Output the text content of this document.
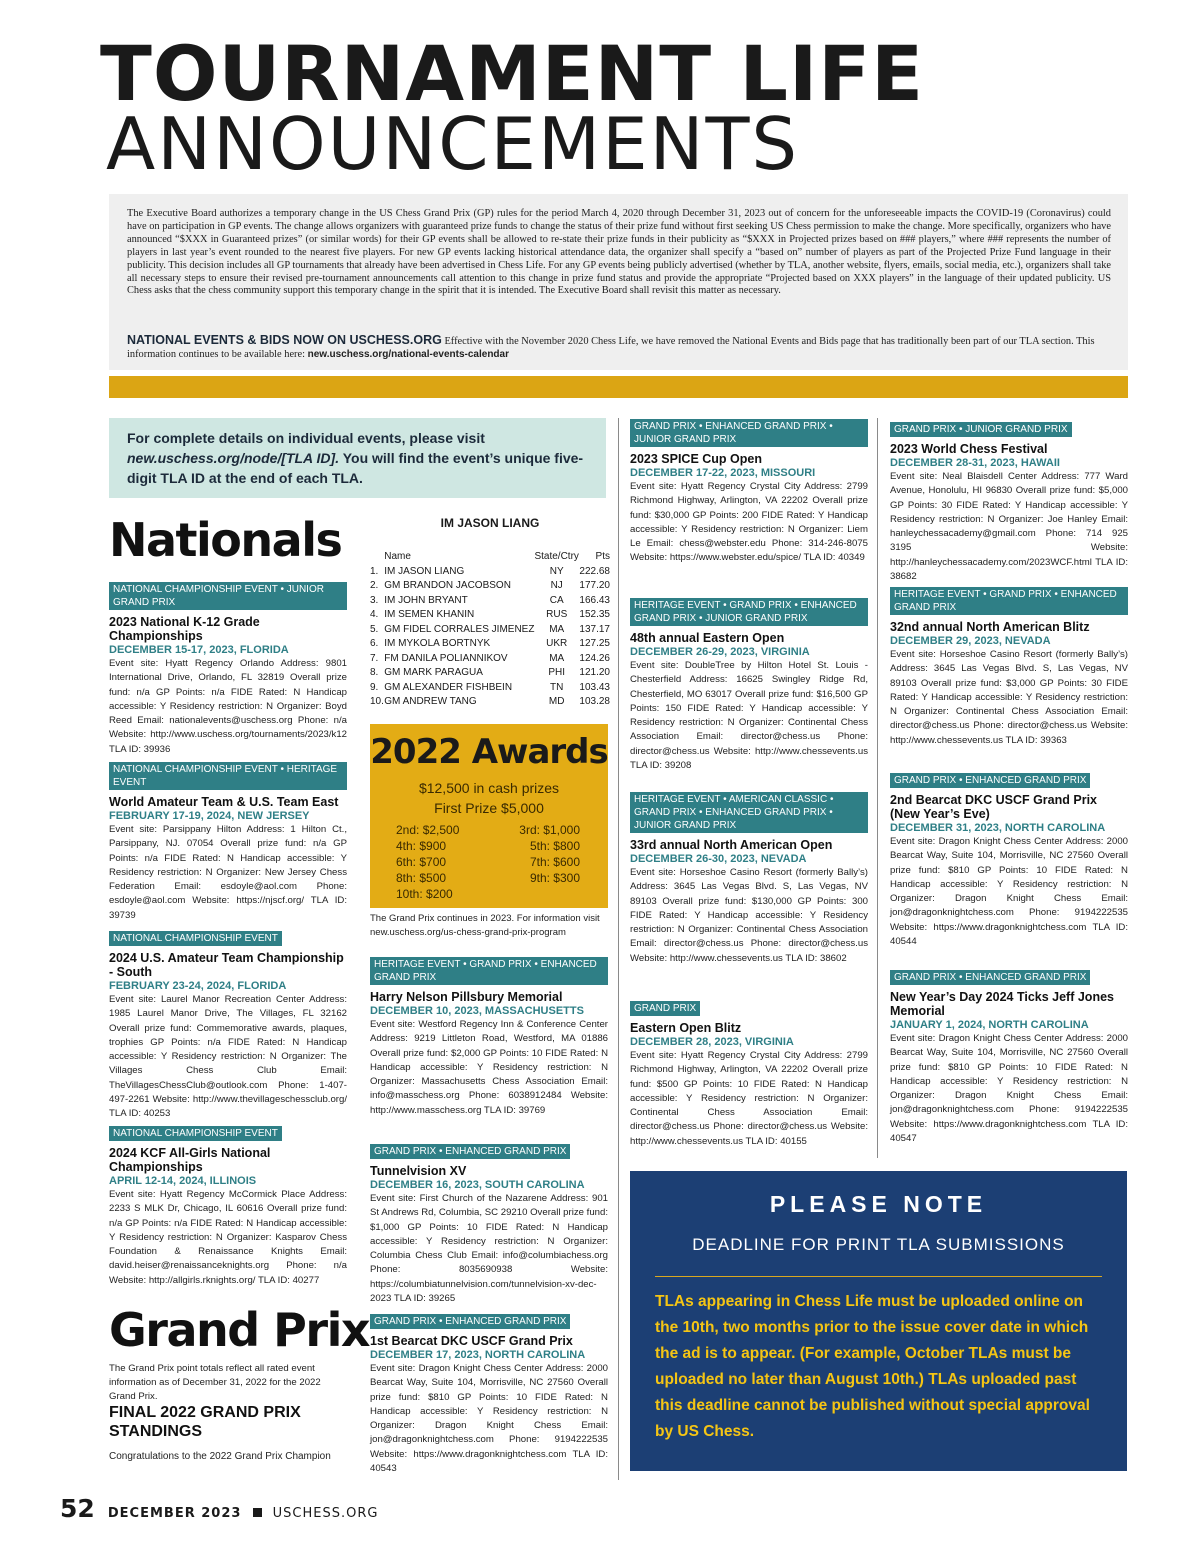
TOURNAMENT LIFE
ANNOUNCEMENTS
The Executive Board authorizes a temporary change in the US Chess Grand Prix (GP) rules for the period March 4, 2020 through December 31, 2023 out of concern for the unforeseeable impacts the COVID-19 (Coronavirus) could have on participation in GP events. The change allows organizers with guaranteed prize funds to change the status of their prize fund without first seeking US Chess permission to make the change. More specifically, organizers who have announced “$XXX in Guaranteed prizes” (or similar words) for their GP events shall be allowed to re-state their prize funds in their publicity as “$XXX in Projected prizes based on ### players,” where ### represents the number of players in last year’s event rounded to the nearest five players. For new GP events lacking historical attendance data, the organizer shall specify a “based on” number of players as part of the Projected Prize Fund language in their publicity. This decision includes all GP tournaments that already have been advertised in Chess Life. For any GP events being publicly advertised (whether by TLA, another website, flyers, emails, social media, etc.), organizers shall take all necessary steps to ensure their revised pre-tournament announcements call attention to this change in prize fund status and provide the appropriate “Projected based on XXX players” in the language of their updated publicity. US Chess asks that the chess community support this temporary change in the spirit that it is intended. The Executive Board shall revisit this matter as necessary.
NATIONAL EVENTS & BIDS NOW ON USCHESS.ORG Effective with the November 2020 Chess Life, we have removed the National Events and Bids page that has traditionally been part of our TLA section. This information continues to be available here: new.uschess.org/national-events-calendar
For complete details on individual events, please visit new.uschess.org/node/[TLA ID]. You will find the event’s unique five-digit TLA ID at the end of each TLA.
Nationals
NATIONAL CHAMPIONSHIP EVENT • JUNIOR GRAND PRIX
2023 National K-12 Grade Championships
DECEMBER 15-17, 2023, FLORIDA
Event site: Hyatt Regency Orlando Address: 9801 International Drive, Orlando, FL 32819 Overall prize fund: n/a GP Points: n/a FIDE Rated: N Handicap accessible: Y Residency restriction: N Organizer: Boyd Reed Email: nationalevents@uschess.org Phone: n/a Website: http://www.uschess.org/tournaments/2023/k12 TLA ID: 39936
NATIONAL CHAMPIONSHIP EVENT • HERITAGE EVENT
World Amateur Team & U.S. Team East
FEBRUARY 17-19, 2024, NEW JERSEY
Event site: Parsippany Hilton Address: 1 Hilton Ct., Parsippany, NJ. 07054 Overall prize fund: n/a GP Points: n/a FIDE Rated: N Handicap accessible: Y Residency restriction: N Organizer: New Jersey Chess Federation Email: esdoyle@aol.com Phone: esdoyle@aol.com Website: https://njscf.org/ TLA ID: 39739
NATIONAL CHAMPIONSHIP EVENT
2024 U.S. Amateur Team Championship - South
FEBRUARY 23-24, 2024, FLORIDA
Event site: Laurel Manor Recreation Center Address: 1985 Laurel Manor Drive, The Villages, FL 32162 Overall prize fund: Commemorative awards, plaques, trophies GP Points: n/a FIDE Rated: N Handicap accessible: Y Residency restriction: N Organizer: The Villages Chess Club Email: TheVillagesChessClub@outlook.com Phone: 1-407-497-2261 Website: http://www.thevillageschessclub.org/ TLA ID: 40253
NATIONAL CHAMPIONSHIP EVENT
2024 KCF All-Girls National Championships
APRIL 12-14, 2024, ILLINOIS
Event site: Hyatt Regency McCormick Place Address: 2233 S MLK Dr, Chicago, IL 60616 Overall prize fund: n/a GP Points: n/a FIDE Rated: N Handicap accessible: Y Residency restriction: N Organizer: Kasparov Chess Foundation & Renaissance Knights Email: david.heiser@renaissanceknights.org Phone: n/a Website: http://allgirls.rknights.org/ TLA ID: 40277
Grand Prix
The Grand Prix point totals reflect all rated event information as of December 31, 2022 for the 2022 Grand Prix.
FINAL 2022 GRAND PRIX STANDINGS
Congratulations to the 2022 Grand Prix Champion
IM JASON LIANG
	Name	State/Ctry	Pts
1.	IM JASON LIANG	NY	222.68
2.	GM BRANDON JACOBSON	NJ	177.20
3.	IM JOHN BRYANT	CA	166.43
4.	IM SEMEN KHANIN	RUS	152.35
5.	GM FIDEL CORRALES JIMENEZ	MA	137.17
6.	IM MYKOLA BORTNYK	UKR	127.25
7.	FM DANILA POLIANNIKOV	MA	124.26
8.	GM MARK PARAGUA	PHI	121.20
9.	GM ALEXANDER FISHBEIN	TN	103.43
10.	GM ANDREW TANG	MD	103.28
2022 Awards
$12,500 in cash prizes
First Prize $5,000
2nd: $2,500	3rd: $1,000
4th: $900	5th: $800
6th: $700	7th: $600
8th: $500	9th: $300
10th: $200
The Grand Prix continues in 2023. For information visit new.uschess.org/us-chess-grand-prix-program
HERITAGE EVENT • GRAND PRIX • ENHANCED GRAND PRIX
Harry Nelson Pillsbury Memorial
DECEMBER 10, 2023, MASSACHUSETTS
Event site: Westford Regency Inn & Conference Center Address: 9219 Littleton Road, Westford, MA 01886 Overall prize fund: $2,000 GP Points: 10 FIDE Rated: N Handicap accessible: Y Residency restriction: N Organizer: Massachusetts Chess Association Email: info@masschess.org Phone: 6038912484 Website: http://www.masschess.org TLA ID: 39769
GRAND PRIX • ENHANCED GRAND PRIX
Tunnelvision XV
DECEMBER 16, 2023, SOUTH CAROLINA
Event site: First Church of the Nazarene Address: 901 St Andrews Rd, Columbia, SC 29210 Overall prize fund: $1,000 GP Points: 10 FIDE Rated: N Handicap accessible: Y Residency restriction: N Organizer: Columbia Chess Club Email: info@columbiachess.org Phone: 8035690938 Website: https://columbiatunnelvision.com/tunnelvision-xv-dec-2023 TLA ID: 39265
GRAND PRIX • ENHANCED GRAND PRIX
1st Bearcat DKC USCF Grand Prix
DECEMBER 17, 2023, NORTH CAROLINA
Event site: Dragon Knight Chess Center Address: 2000 Bearcat Way, Suite 104, Morrisville, NC 27560 Overall prize fund: $810 GP Points: 10 FIDE Rated: N Handicap accessible: Y Residency restriction: N Organizer: Dragon Knight Chess Email: jon@dragonknightchess.com Phone: 9194222535 Website: https://www.dragonknightchess.com TLA ID: 40543
GRAND PRIX • ENHANCED GRAND PRIX • JUNIOR GRAND PRIX
2023 SPICE Cup Open
DECEMBER 17-22, 2023, MISSOURI
Event site: Hyatt Regency Crystal City Address: 2799 Richmond Highway, Arlington, VA 22202 Overall prize fund: $30,000 GP Points: 200 FIDE Rated: Y Handicap accessible: Y Residency restriction: N Organizer: Liem Le Email: chess@webster.edu Phone: 314-246-8075 Website: https://www.webster.edu/spice/ TLA ID: 40349
HERITAGE EVENT • GRAND PRIX • ENHANCED GRAND PRIX • JUNIOR GRAND PRIX
48th annual Eastern Open
DECEMBER 26-29, 2023, VIRGINIA
Event site: DoubleTree by Hilton Hotel St. Louis - Chesterfield Address: 16625 Swingley Ridge Rd, Chesterfield, MO 63017 Overall prize fund: $16,500 GP Points: 150 FIDE Rated: Y Handicap accessible: Y Residency restriction: N Organizer: Continental Chess Association Email: director@chess.us Phone: director@chess.us Website: http://www.chessevents.us TLA ID: 39208
HERITAGE EVENT • AMERICAN CLASSIC • GRAND PRIX • ENHANCED GRAND PRIX • JUNIOR GRAND PRIX
33rd annual North American Open
DECEMBER 26-30, 2023, NEVADA
Event site: Horseshoe Casino Resort (formerly Bally’s) Address: 3645 Las Vegas Blvd. S, Las Vegas, NV 89103 Overall prize fund: $130,000 GP Points: 300 FIDE Rated: Y Handicap accessible: Y Residency restriction: N Organizer: Continental Chess Association Email: director@chess.us Phone: director@chess.us Website: http://www.chessevents.us TLA ID: 38602
GRAND PRIX
Eastern Open Blitz
DECEMBER 28, 2023, VIRGINIA
Event site: Hyatt Regency Crystal City Address: 2799 Richmond Highway, Arlington, VA 22202 Overall prize fund: $500 GP Points: 10 FIDE Rated: N Handicap accessible: Y Residency restriction: N Organizer: Continental Chess Association Email: director@chess.us Phone: director@chess.us Website: http://www.chessevents.us TLA ID: 40155
GRAND PRIX • JUNIOR GRAND PRIX
2023 World Chess Festival
DECEMBER 28-31, 2023, HAWAII
Event site: Neal Blaisdell Center Address: 777 Ward Avenue, Honolulu, HI 96830 Overall prize fund: $5,000 GP Points: 30 FIDE Rated: Y Handicap accessible: Y Residency restriction: N Organizer: Joe Hanley Email: hanleychessacademy@gmail.com Phone: 714 925 3195 Website: http://hanleychessacademy.com/2023WCF.html TLA ID: 38682
HERITAGE EVENT • GRAND PRIX • ENHANCED GRAND PRIX
32nd annual North American Blitz
DECEMBER 29, 2023, NEVADA
Event site: Horseshoe Casino Resort (formerly Bally’s) Address: 3645 Las Vegas Blvd. S, Las Vegas, NV 89103 Overall prize fund: $3,000 GP Points: 30 FIDE Rated: Y Handicap accessible: Y Residency restriction: N Organizer: Continental Chess Association Email: director@chess.us Phone: director@chess.us Website: http://www.chessevents.us TLA ID: 39363
GRAND PRIX • ENHANCED GRAND PRIX
2nd Bearcat DKC USCF Grand Prix (New Year’s Eve)
DECEMBER 31, 2023, NORTH CAROLINA
Event site: Dragon Knight Chess Center Address: 2000 Bearcat Way, Suite 104, Morrisville, NC 27560 Overall prize fund: $810 GP Points: 10 FIDE Rated: N Handicap accessible: Y Residency restriction: N Organizer: Dragon Knight Chess Email: jon@dragonknightchess.com Phone: 9194222535 Website: https://www.dragonknightchess.com TLA ID: 40544
GRAND PRIX • ENHANCED GRAND PRIX
New Year’s Day 2024 Ticks Jeff Jones Memorial
JANUARY 1, 2024, NORTH CAROLINA
Event site: Dragon Knight Chess Center Address: 2000 Bearcat Way, Suite 104, Morrisville, NC 27560 Overall prize fund: $810 GP Points: 10 FIDE Rated: N Handicap accessible: Y Residency restriction: N Organizer: Dragon Knight Chess Email: jon@dragonknightchess.com Phone: 9194222535 Website: https://www.dragonknightchess.com TLA ID: 40547
PLEASE NOTE
DEADLINE FOR PRINT TLA SUBMISSIONS
TLAs appearing in Chess Life must be uploaded online on the 10th, two months prior to the issue cover date in which the ad is to appear. (For example, October TLAs must be uploaded no later than August 10th.) TLAs uploaded past this deadline cannot be published without special approval by US Chess.
52 DECEMBER 2023 USCHESS.ORG
